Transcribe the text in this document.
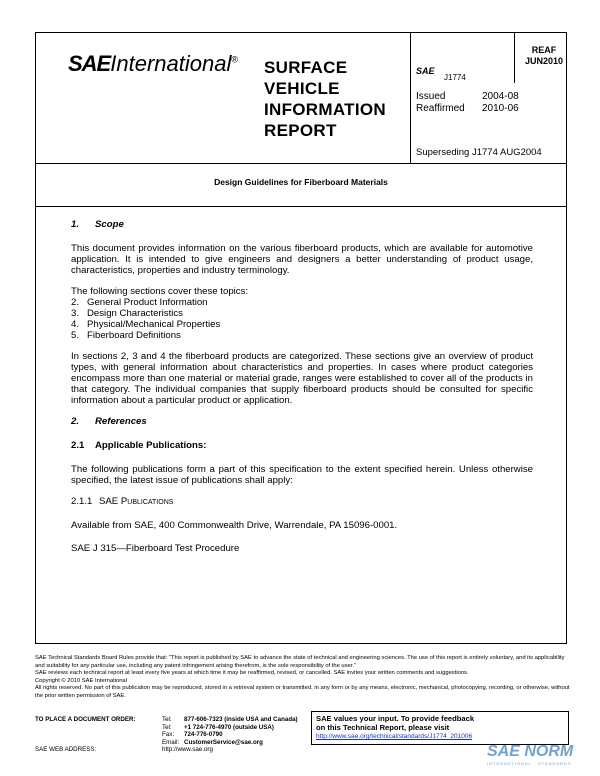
SAEInternational® SURFACE
VEHICLE
INFORMATION
REPORT
SAE
J1774
REAF
JUN2010
Issued	2004-08
Reaffirmed 2010-06
Superseding J1774 AUG2004
Design Guidelines for Fiberboard Materials
1. Scope

This document provides information on the various fiberboard products, which are available for automotive application. It is intended to give engineers and designers a better understanding of product usage, characteristics, properties and industry terminology.

The following sections cover these topics:
2. General Product Information
3. Design Characteristics
4. Physical/Mechanical Properties
5. Fiberboard Definitions

In sections 2, 3 and 4 the fiberboard products are categorized. These sections give an overview of product types, with general information about characteristics and properties. In cases where product categories encompass more than one material or material grade, ranges were established to cover all of the products in that category. The individual companies that supply fiberboard products should be consulted for specific information about a particular product or application.

2. References
2.1 Applicable Publications:

The following publications form a part of this specification to the extent specified herein. Unless otherwise specified, the latest issue of publications shall apply:

2.1.1 SAE Publications

Available from SAE, 400 Commonwealth Drive, Warrendale, PA 15096-0001.

SAE J 315—Fiberboard Test Procedure

SAE Technical Standards Board Rules provide that: "This report is published by SAE to advance the state of technical and engineering sciences. The use of this report is entirely voluntary, and its applicability and suitability for any particular use, including any patent infringement arising therefrom, is the sole responsibility of the user."

SAE reviews each technical report at least every five years at which time it may be reaffirmed, revised, or cancelled. SAE invites your written comments and suggestions.

Copyright © 2010 SAE International

All rights reserved. No part of this publication may be reproduced, stored in a retrieval system or transmitted, in any form or by any means, electronic, mechanical, photocopying, recording, or otherwise, without the prior written permission of SAE.

TO PLACE A DOCUMENT ORDER:	Tel: 877-606-7323 (inside USA and Canada)
Tel: +1 724-776-4970 (outside USA)
Fax: 724-776-0790
Email: CustomerService@sae.org
SAE WEB ADDRESS:	http://www.sae.org
SAE values your input. To provide feedback
on this Technical Report, please visit
http://www.sae.org/technical/standards/J1774_201006
SAE NORM
INTERNATIONAL · STANDARDS
